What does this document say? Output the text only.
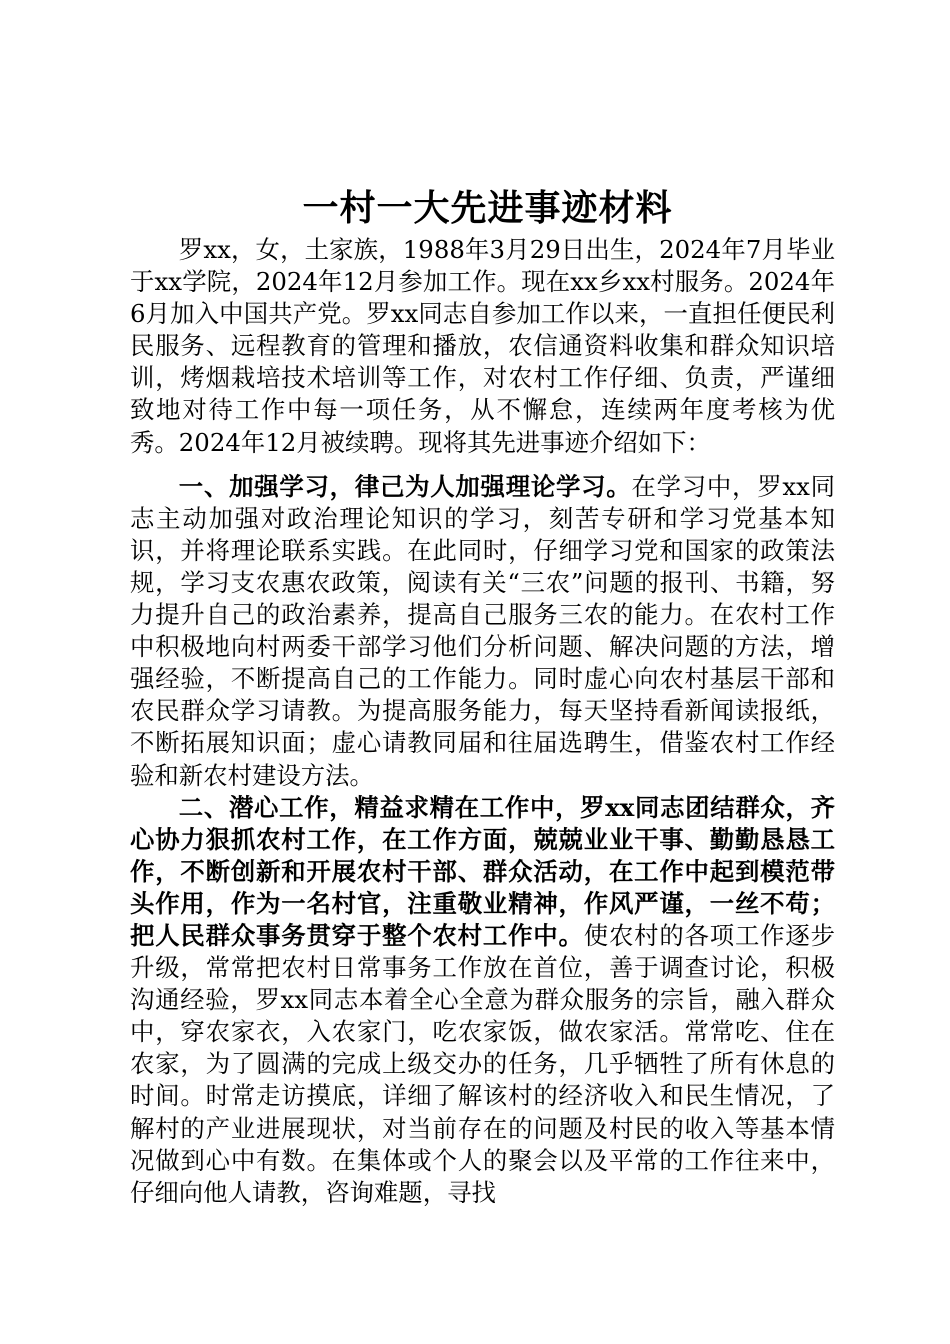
一村一大先进事迹材料

罗xx，女，土家族，1988年3月29日出生，2024年7月毕业于xx学院，2024年12月参加工作。现在xx乡xx村服务。2024年6月加入中国共产党。罗xx同志自参加工作以来，一直担任便民利民服务、远程教育的管理和播放，农信通资料收集和群众知识培训，烤烟栽培技术培训等工作，对农村工作仔细、负责，严谨细致地对待工作中每一项任务，从不懈怠，连续两年度考核为优秀。2024年12月被续聘。现将其先进事迹介绍如下：

一、加强学习，律己为人加强理论学习。在学习中，罗xx同志主动加强对政治理论知识的学习，刻苦专研和学习党基本知识，并将理论联系实践。在此同时，仔细学习党和国家的政策法规，学习支农惠农政策，阅读有关“三农”问题的报刊、书籍，努力提升自己的政治素养，提高自己服务三农的能力。在农村工作中积极地向村两委干部学习他们分析问题、解决问题的方法，增强经验，不断提高自己的工作能力。同时虚心向农村基层干部和农民群众学习请教。为提高服务能力，每天坚持看新闻读报纸，不断拓展知识面；虚心请教同届和往届选聘生，借鉴农村工作经验和新农村建设方法。

二、潜心工作，精益求精在工作中，罗xx同志团结群众，齐心协力狠抓农村工作，在工作方面，兢兢业业干事、勤勤恳恳工作，不断创新和开展农村干部、群众活动，在工作中起到模范带头作用，作为一名村官，注重敬业精神，作风严谨，一丝不苟；把人民群众事务贯穿于整个农村工作中。使农村的各项工作逐步升级，常常把农村日常事务工作放在首位，善于调查讨论，积极沟通经验，罗xx同志本着全心全意为群众服务的宗旨，融入群众中，穿农家衣，入农家门，吃农家饭，做农家活。常常吃、住在农家，为了圆满的完成上级交办的任务，几乎牺牲了所有休息的时间。时常走访摸底，详细了解该村的经济收入和民生情况，了解村的产业进展现状，对当前存在的问题及村民的收入等基本情况做到心中有数。在集体或个人的聚会以及平常的工作往来中，仔细向他人请教，咨询难题，寻找
